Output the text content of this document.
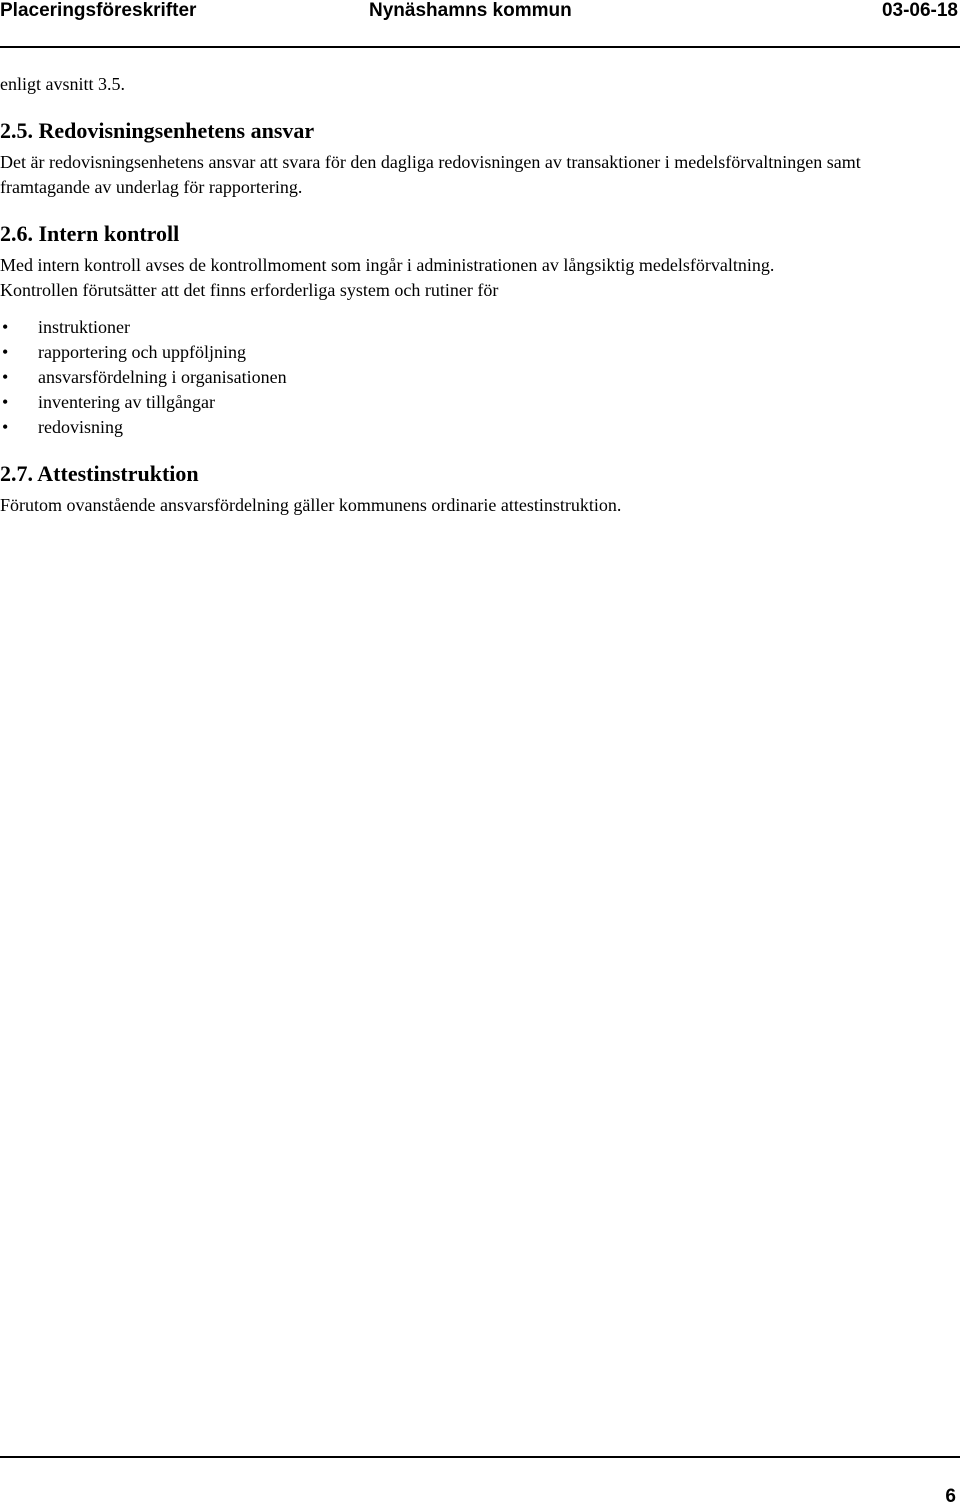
Placeringsföreskrifter	Nynäshamns kommun	03-06-18

enligt avsnitt 3.5.

2.5. Redovisningsenhetens ansvar

Det är redovisningsenhetens ansvar att svara för den dagliga redovisningen av transaktioner i medelsförvaltningen samt framtagande av underlag för rapportering.

2.6. Intern kontroll

Med intern kontroll avses de kontrollmoment som ingår i administrationen av långsiktig medelsförvaltning.

Kontrollen förutsätter att det finns erforderliga system och rutiner för

• instruktioner
• rapportering och uppföljning
• ansvarsfördelning i organisationen
• inventering av tillgångar
• redovisning
2.7. Attestinstruktion

Förutom ovanstående ansvarsfördelning gäller kommunens ordinarie attestinstruktion.

6
